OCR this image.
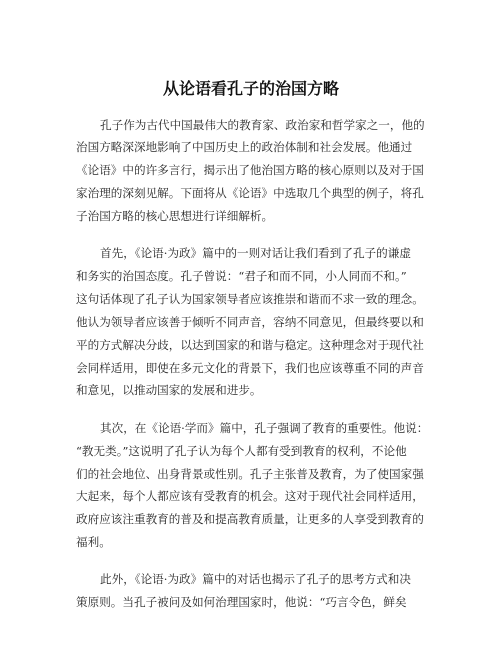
从论语看孔子的治国方略
孔子作为古代中国最伟大的教育家、政治家和哲学家之一，他的
治国方略深深地影响了中国历史上的政治体制和社会发展。他通过
《论语》中的许多言行，揭示出了他治国方略的核心原则以及对于国
家治理的深刻见解。下面将从《论语》中选取几个典型的例子，将孔
子治国方略的核心思想进行详细解析。
首先，《论语·为政》篇中的一则对话让我们看到了孔子的谦虚
和务实的治国态度。孔子曾说：“君子和而不同，小人同而不和。”
这句话体现了孔子认为国家领导者应该推崇和谐而不求一致的理念。
他认为领导者应该善于倾听不同声音，容纳不同意见，但最终要以和
平的方式解决分歧，以达到国家的和谐与稳定。这种理念对于现代社
会同样适用，即使在多元文化的背景下，我们也应该尊重不同的声音
和意见，以推动国家的发展和进步。
其次，在《论语·学而》篇中，孔子强调了教育的重要性。他说：
“教无类。”这说明了孔子认为每个人都有受到教育的权利，不论他
们的社会地位、出身背景或性别。孔子主张普及教育，为了使国家强
大起来，每个人都应该有受教育的机会。这对于现代社会同样适用，
政府应该注重教育的普及和提高教育质量，让更多的人享受到教育的
福利。
此外，《论语·为政》篇中的对话也揭示了孔子的思考方式和决
策原则。当孔子被问及如何治理国家时，他说：“巧言令色，鲜矣
